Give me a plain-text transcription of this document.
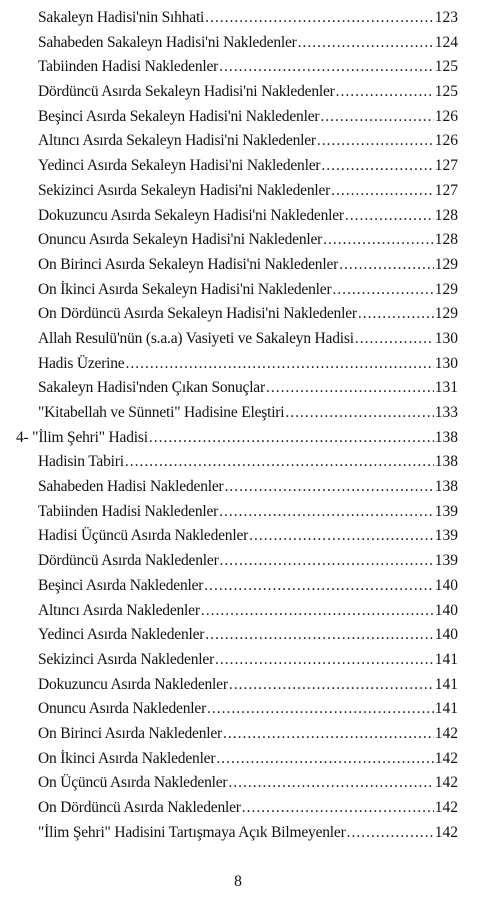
Sakaleyn Hadisi'nin Sıhhati .....	123
Sahabeden Sakaleyn Hadisi'ni Nakledenler .....	124
Tabiinden Hadisi Nakledenler .....	125
Dördüncü Asırda Sekaleyn Hadisi'ni Nakledenler .....	125
Beşinci Asırda Sekaleyn Hadisi'ni Nakledenler .....	126
Altıncı Asırda Sekaleyn Hadisi'ni Nakledenler .....	126
Yedinci Asırda Sekaleyn Hadisi'ni Nakledenler .....	127
Sekizinci Asırda Sekaleyn Hadisi'ni Nakledenler .....	127
Dokuzuncu Asırda Sekaleyn Hadisi'ni Nakledenler .....	128
Onuncu Asırda Sekaleyn Hadisi'ni Nakledenler .....	128
On Birinci Asırda Sekaleyn Hadisi'ni Nakledenler .....	129
On İkinci Asırda Sekaleyn Hadisi'ni Nakledenler .....	129
On Dördüncü Asırda Sekaleyn Hadisi'ni Nakledenler .....	129
Allah Resulü'nün (s.a.a) Vasiyeti ve Sakaleyn Hadisi .....	130
Hadis Üzerine .....	130
Sakaleyn Hadisi'nden Çıkan Sonuçlar .....	131
"Kitabellah ve Sünneti" Hadisine Eleştiri .....	133
4- "İlim Şehri" Hadisi .....	138
Hadisin Tabiri .....	138
Sahabeden Hadisi Nakledenler .....	138
Tabiinden Hadisi Nakledenler .....	139
Hadisi Üçüncü Asırda Nakledenler .....	139
Dördüncü Asırda Nakledenler .....	139
Beşinci Asırda Nakledenler .....	140
Altıncı Asırda Nakledenler .....	140
Yedinci Asırda Nakledenler .....	140
Sekizinci Asırda Nakledenler .....	141
Dokuzuncu Asırda Nakledenler .....	141
Onuncu Asırda Nakledenler .....	141
On Birinci Asırda Nakledenler .....	142
On İkinci Asırda Nakledenler .....	142
On Üçüncü Asırda Nakledenler .....	142
On Dördüncü Asırda Nakledenler .....	142
"İlim Şehri" Hadisini Tartışmaya Açık Bilmeyenler .....	142
8
